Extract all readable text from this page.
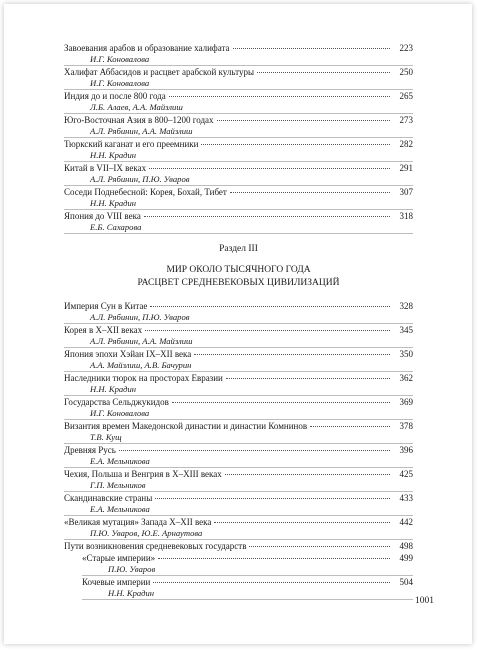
Завоевания арабов и образование халифата	223
И.Г. Коновалова
Халифат Аббасидов и расцвет арабской культуры	250
И.Г. Коновалова
Индия до и после 800 года	265
Л.Б. Алаев, А.А. Майзлиш
Юго-Восточная Азия в 800–1200 годах	273
А.Л. Рябинин, А.А. Майзлиш
Тюркский каганат и его преемники	282
Н.Н. Крадин
Китай в VII–IX веках	291
А.Л. Рябинин, П.Ю. Уваров
Соседи Поднебесной: Корея, Бохай, Тибет	307
Н.Н. Крадин
Япония до VIII века	318
Е.Б. Сахарова
Раздел III
МИР ОКОЛО ТЫСЯЧНОГО ГОДА
РАСЦВЕТ СРЕДНЕВЕКОВЫХ ЦИВИЛИЗАЦИЙ
Империя Сун в Китае	328
А.Л. Рябинин, П.Ю. Уваров
Корея в X–XII веках	345
А.Л. Рябинин, А.А. Майзлиш
Япония эпохи Хэйан IX–XII века	350
А.А. Майзлиш, А.В. Бачурин
Наследники тюрок на просторах Евразии	362
Н.Н. Крадин
Государства Сельджукидов	369
И.Г. Коновалова
Византия времен Македонской династии и династии Комнинов	378
Т.В. Кущ
Древняя Русь	396
Е.А. Мельникова
Чехия, Польша и Венгрия в X–XIII веках	425
Г.П. Мельников
Скандинавские страны	433
Е.А. Мельникова
«Великая мутация» Запада X–XII века	442
П.Ю. Уваров, Ю.Е. Арнаутова
Пути возникновения средневековых государств	498
«Старые империи»	499
П.Ю. Уваров
Кочевые империи	504
Н.Н. Крадин
1001
